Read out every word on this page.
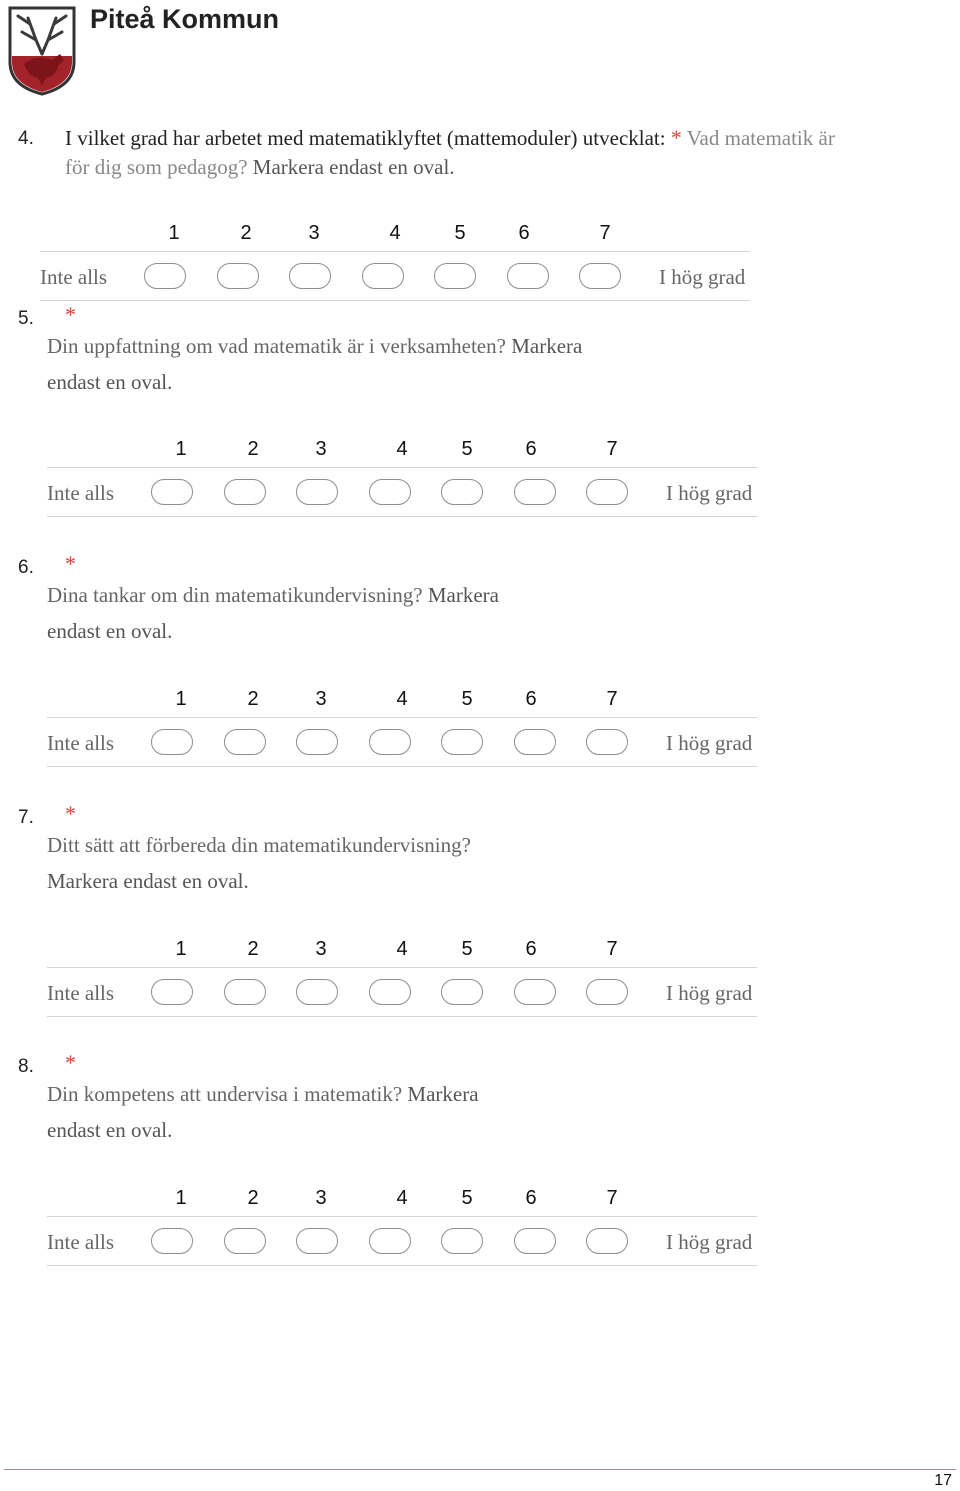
Piteå Kommun
4. I vilket grad har arbetet med matematiklyftet (mattemoduler) utvecklat: * Vad matematik är
för dig som pedagog? Markera endast en oval.
1	2	3	4	5	6	7
Inte alls	I hög grad
5. *
Din uppfattning om vad matematik är i verksamheten? Markera
endast en oval.
1	2	3	4	5	6	7
Inte alls	I hög grad
6. *
Dina tankar om din matematikundervisning? Markera
endast en oval.
1	2	3	4	5	6	7
Inte alls	I hög grad
7. *
Ditt sätt att förbereda din matematikundervisning?
Markera endast en oval.
1	2	3	4	5	6	7
Inte alls	I hög grad
8. *
Din kompetens att undervisa i matematik? Markera
endast en oval.
1	2	3	4	5	6	7
Inte alls	I hög grad
17
